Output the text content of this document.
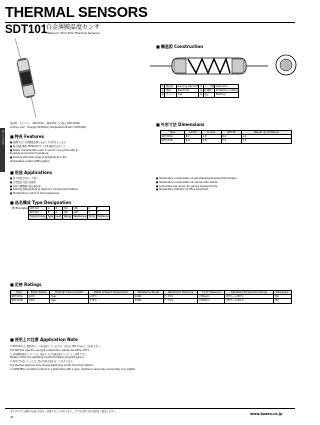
THERMAL SENSORS
SDT101
白金薄膜温度センサ
Platinum Thin Film Thermal Sensors
サーミスタ
■ 構造図 Construction
①	感温体	Sensing element	④	リード線	Lead wire
②	電極	Electrode	⑤	保護膜	Protective coating
③	キャップ	Cap	⑥	表示	Marking
用途例：ドライヤー（SDT101A）、携帯 FAX 等の温度 (SDT101B)
Cooling color : Orange (SDT101A), Temperature Brown (SDT101B)
■ 特長 Features
■ 高精度な白金薄膜抵抗体で安定した特性を示します。
■ 温度抵抗係数 3850ppm/℃ で JIS 規格対応品です。
■ Stable characteristics even in use for a long time with an
excellent environment resistance.
■ Sensors with wide range of temperature in the
temperature system (LBB system).
■ 外形寸法 Dimensions
Type	L±0.5	D max.	d±0.05	Weight (g) (1000pcs)
SDT101A	6.0	1.8	0.4	1.0
SDT101B	6.0	1.8	0.5	1.0
■ 用途 Applications
■ 電子体温計用センサ素子
■ 家電製品の温度制御用
■ 各種空調機器の温度検出用
■ Sensing temperature of electronic clinical thermometers
■ Temperature control of home appliances
■ Temperature compensation of gas-phase/liquid-phase thermometer
■ Temperature compensation of various instruments
■ Automotive use, sensor for various measurements
■ Temperature detection of office equipment
■ 品名構成 Type Designation
例 Example SDT101	A	X	T26	100	0	F
SDT101	B	X	T26	100	0	F
Product Code	Type	Lead	Taping	Resistance	T.C.R.	Tolerance
■ 定格 Ratings
Type	Power Rating	Thermal Time Constant	Rated Ambient Temperature	Resistance Range	Resistance Tolerance	T.C.R. Tolerance	Operating Temperature Range	Packaging
SDT101A	1mW	3sec	+70℃	100Ω	F: ±1%	±30ppm	-55℃~+150℃	T26
SDT101B	1mW	3sec	+70℃	100Ω	F: ±1%	±30ppm	-55℃~+150℃	T52
■ 使用上の注意 Application Note
① SDT101 は、耐熱性の一つを使用していますが、全品は 150 ℃以内でご使用下さい。
The SDT101 uses the cap-type construction, please use within 150℃.
② 使用環境条件については、事前に十分な確認を行った上でご使用下さい。
Please confirm the operating conditions before using the sensor.
③ 取付け方法によっては、熱応答性が変わることがあります。
The thermal response may change depending on the mounting method.
④ CONSTER is molded or placed in a metal tube with a resin; resistance value may occasionally vary slightly.
本カタログに記載の内容は予告なく変更することがあります。ご注文の際には仕様書をご確認ください。
www.koaen.co.jp
41
